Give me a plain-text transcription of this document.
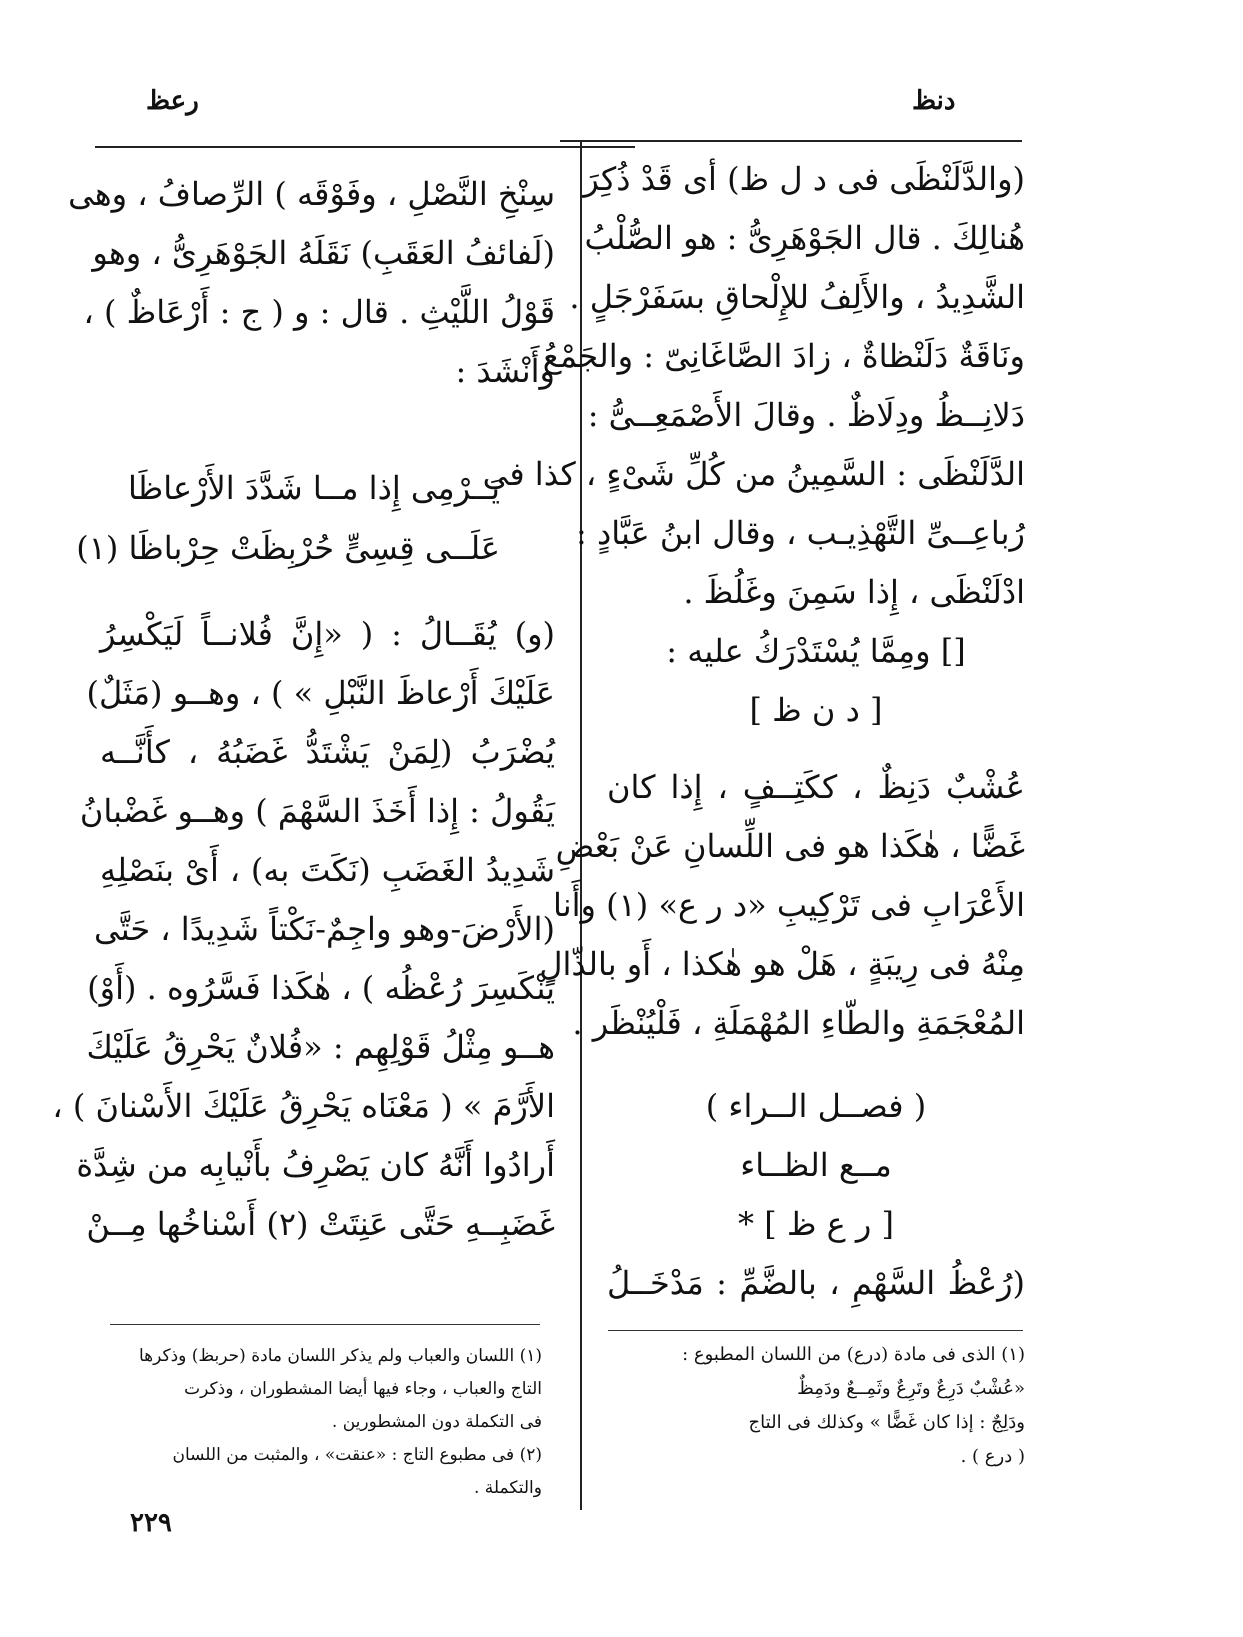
دنظ
رعظ
(والدَّلَنْظَى فى د ل ظ) أى قَدْ ذُكِرَ
هُنالِكَ . قال الجَوْهَرِىُّ : هو الصُّلْبُ
الشَّدِيدُ ، والأَلِفُ للإِلْحاقِ بسَفَرْجَلٍ .
ونَاقَةٌ دَلَنْظاةٌ ، زادَ الصَّاغَانِىّ : والجَمْعُ
دَلانِــظُ ودِلَاظٌ . وقالَ الأَصْمَعِــىُّ :
الدَّلَنْظَى : السَّمِينُ من كُلِّ شَىْءٍ ، كذا فى
رُباعِــىِّ التَّهْذِيـب ، وقال ابنُ عَبَّادٍ :
ادْلَنْظَى ، إِذا سَمِنَ وغَلُظَ .
[] ومِمَّا يُسْتَدْرَكُ عليه :
[ د ن ظ ]
عُشْبٌ دَنِظٌ ، ككَتِــفٍ ، إِذا كان
غَضًّا ، هٰكَذا هو فى اللِّسانِ عَنْ بَعْضِ
الأَعْرَابِ فى تَرْكِيبِ «د ر ع» (١) وأَنا
مِنْهُ فى رِيبَةٍ ، هَلْ هو هٰكذا ، أَو بالذّالِ
المُعْجَمَةِ والطّاءِ المُهْمَلَةِ ، فَلْيُنْظَر .
( فصــل الــراء )
مــع الظــاء
[ ر ع ظ ] *
(رُعْظُ السَّهْمِ ، بالضَّمِّ : مَدْخَــلُ
سِنْخِ النَّصْلِ ، وفَوْقَه ) الرِّصافُ ، وهى
(لَفائفُ العَقَبِ) نَقَلَهُ الجَوْهَرِىُّ ، وهو
قَوْلُ اللَّيْثِ . قال : و ( ج : أَرْعَاظٌ ) ،
وأَنْشَدَ :
يَــرْمِى إِذا مــا شَدَّدَ الأَرْعاظَا
عَلَــى قِسِىٍّ حُرْبِظَتْ حِرْباظَا (١)
(و) يُقَــالُ : ( «إِنَّ فُلانــاً لَيَكْسِرُ
عَلَيْكَ أَرْعاظَ النَّبْلِ » ) ، وهــو (مَثَلٌ)
يُضْرَبُ (لِمَنْ يَشْتَدُّ غَضَبُهُ ، كأَنَّــه
يَقُولُ : إِذا أَخَذَ السَّهْمَ ) وهــو غَضْبانُ
شَدِيدُ الغَضَبِ (نَكَتَ به) ، أَىْ بنَصْلِهِ
(الأَرْضَ-وهو واجِمٌ-نَكْتاً شَدِيدًا ، حَتَّى
يَنْكَسِرَ رُعْظُه ) ، هٰكَذا فَسَّرُوه . (أَوْ)
هــو مِثْلُ قَوْلِهِم : «فُلانٌ يَحْرِقُ عَلَيْكَ
الأَرَّمَ » ( مَعْنَاه يَحْرِقُ عَلَيْكَ الأَسْنانَ ) ،
أَرادُوا أَنَّهُ كان يَصْرِفُ بأَنْيابِه من شِدَّة
غَضَبِــهِ حَتَّى عَنِتَتْ (٢) أَسْناخُها مِــنْ
(١) الذى فى مادة (درع) من اللسان المطبوع :
«عُشْبٌ دَرِعٌ وتَرِعٌ وثَمِــعٌ ودَمِظٌ
ودَلِجٌ : إذا كان غَضًّا » وكذلك فى التاج
( درع ) .
(١) اللسان والعباب ولم يذكر اللسان مادة (حربظ) وذكرها
التاج والعباب ، وجاء فيها أيضا المشطوران ، وذكرت
فى التكملة دون المشطورين .
(٢) فى مطبوع التاج : «عنقت» ، والمثبت من اللسان
والتكملة .
٢٢٩
